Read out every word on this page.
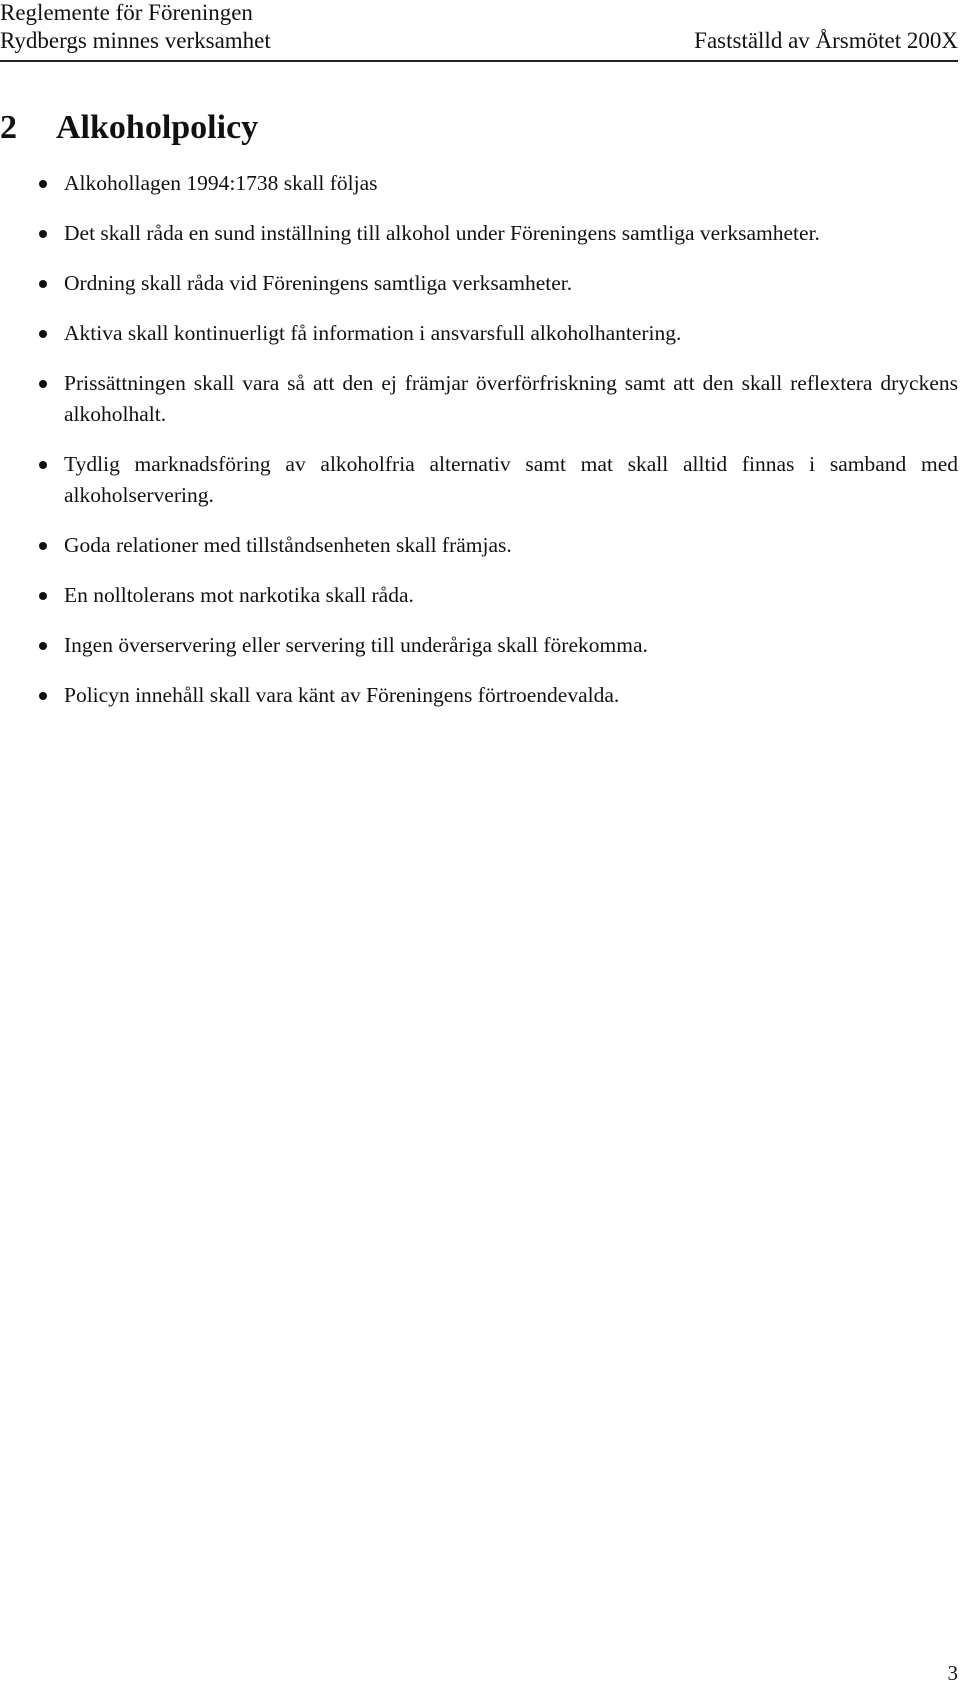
Reglemente för Föreningen
Rydbergs minnes verksamhet	Fastställd av Årsmötet 200X
2 Alkoholpolicy
Alkohollagen 1994:1738 skall följas
Det skall råda en sund inställning till alkohol under Föreningens samtliga verksamheter.
Ordning skall råda vid Föreningens samtliga verksamheter.
Aktiva skall kontinuerligt få information i ansvarsfull alkoholhantering.
Prissättningen skall vara så att den ej främjar överförfriskning samt att den skall reflextera dryckens alkoholhalt.
Tydlig marknadsföring av alkoholfria alternativ samt mat skall alltid finnas i samband med alkoholservering.
Goda relationer med tillståndsenheten skall främjas.
En nolltolerans mot narkotika skall råda.
Ingen överservering eller servering till underåriga skall förekomma.
Policyn innehåll skall vara känt av Föreningens förtroendevalda.
3
